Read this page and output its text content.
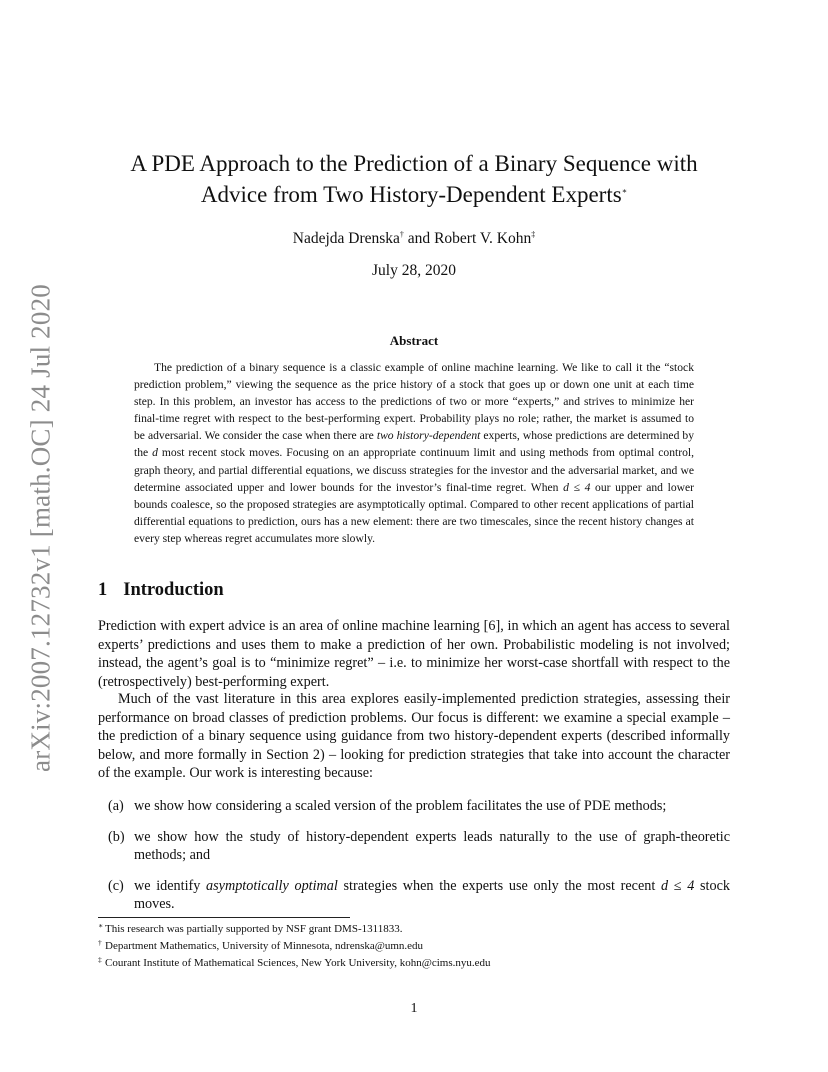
arXiv:2007.12732v1 [math.OC] 24 Jul 2020
A PDE Approach to the Prediction of a Binary Sequence with
Advice from Two History-Dependent Experts∗
Nadejda Drenska† and Robert V. Kohn‡
July 28, 2020
Abstract

The prediction of a binary sequence is a classic example of online machine learning. We like to call it the “stock prediction problem,” viewing the sequence as the price history of a stock that goes up or down one unit at each time step. In this problem, an investor has access to the predictions of two or more “experts,” and strives to minimize her final-time regret with respect to the best-performing expert. Probability plays no role; rather, the market is assumed to be adversarial. We consider the case when there are two history-dependent experts, whose predictions are determined by the d most recent stock moves. Focusing on an appropriate continuum limit and using methods from optimal control, graph theory, and partial differential equations, we discuss strategies for the investor and the adversarial market, and we determine associated upper and lower bounds for the investor’s final-time regret. When d ≤ 4 our upper and lower bounds coalesce, so the proposed strategies are asymptotically optimal. Compared to other recent applications of partial differential equations to prediction, ours has a new element: there are two timescales, since the recent history changes at every step whereas regret accumulates more slowly.

1 Introduction

Prediction with expert advice is an area of online machine learning [6], in which an agent has access to several experts’ predictions and uses them to make a prediction of her own. Probabilistic modeling is not involved; instead, the agent’s goal is to “minimize regret” – i.e. to minimize her worst-case shortfall with respect to the (retrospectively) best-performing expert.

Much of the vast literature in this area explores easily-implemented prediction strategies, assessing their performance on broad classes of prediction problems. Our focus is different: we examine a special example – the prediction of a binary sequence using guidance from two history-dependent experts (described informally below, and more formally in Section 2) – looking for prediction strategies that take into account the character of the example. Our work is interesting because:

(a) we show how considering a scaled version of the problem facilitates the use of PDE methods;
(b) we show how the study of history-dependent experts leads naturally to the use of graph-theoretic methods; and
(c) we identify asymptotically optimal strategies when the experts use only the most recent d ≤ 4 stock moves.
∗ This research was partially supported by NSF grant DMS-1311833.
† Department Mathematics, University of Minnesota, ndrenska@umn.edu
‡ Courant Institute of Mathematical Sciences, New York University, kohn@cims.nyu.edu
1
